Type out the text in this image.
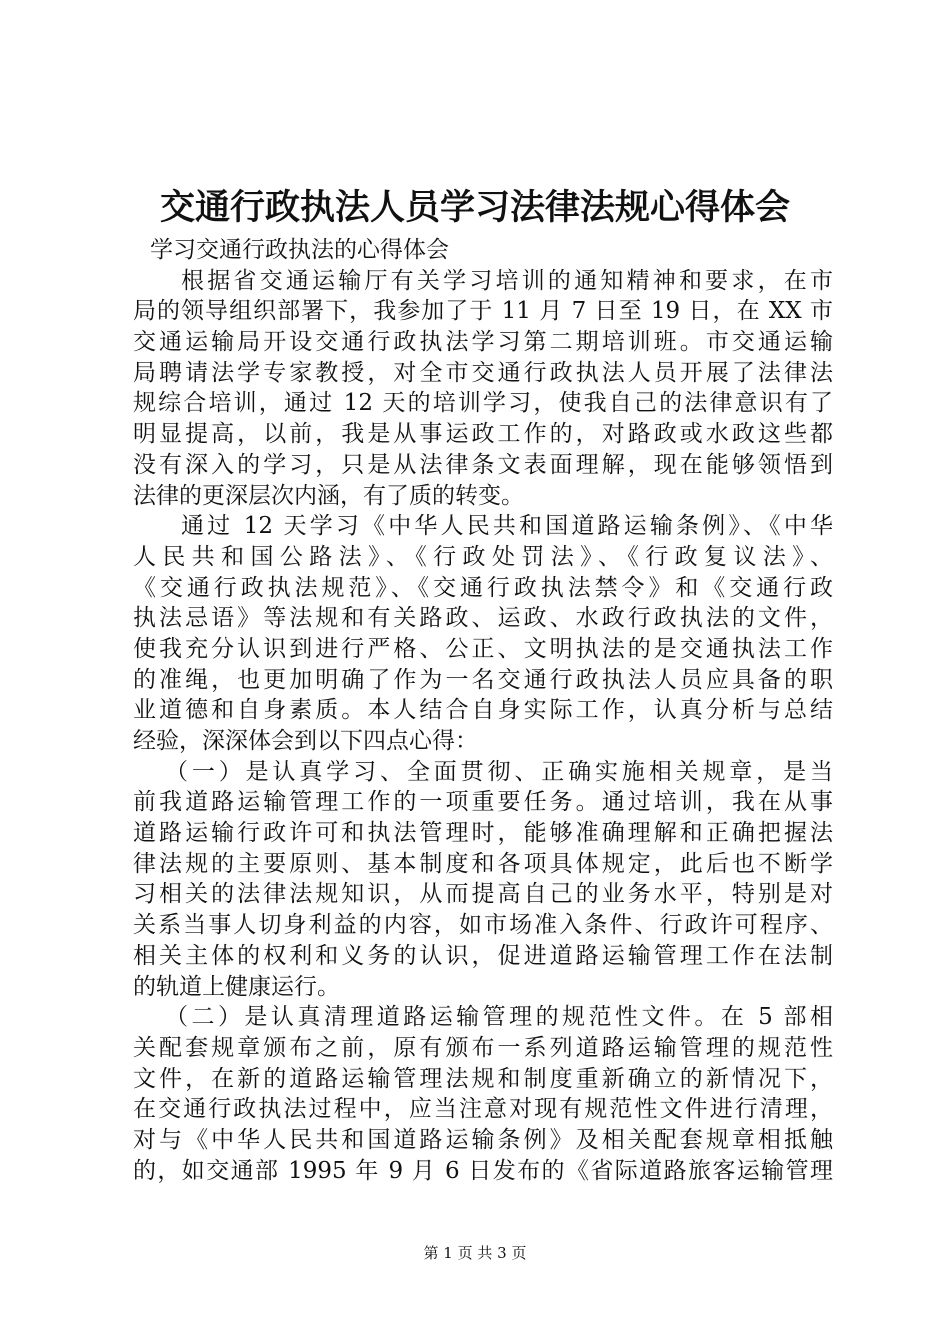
交通行政执法人员学习法律法规心得体会
学习交通行政执法的心得体会
根据省交通运输厅有关学习培训的通知精神和要求，在市
局的领导组织部署下，我参加了于 11 月 7 日至 19 日，在 XX 市
交通运输局开设交通行政执法学习第二期培训班。市交通运输
局聘请法学专家教授，对全市交通行政执法人员开展了法律法
规综合培训，通过 12 天的培训学习，使我自己的法律意识有了
明显提高，以前，我是从事运政工作的，对路政或水政这些都
没有深入的学习，只是从法律条文表面理解，现在能够领悟到
法律的更深层次内涵，有了质的转变。
通过 12 天学习《中华人民共和国道路运输条例》、《中华
人民共和国公路法》、《行政处罚法》、《行政复议法》、
《交通行政执法规范》、《交通行政执法禁令》和《交通行政
执法忌语》等法规和有关路政、运政、水政行政执法的文件，
使我充分认识到进行严格、公正、文明执法的是交通执法工作
的准绳，也更加明确了作为一名交通行政执法人员应具备的职
业道德和自身素质。本人结合自身实际工作，认真分析与总结
经验，深深体会到以下四点心得：
（一）是认真学习、全面贯彻、正确实施相关规章，是当
前我道路运输管理工作的一项重要任务。通过培训，我在从事
道路运输行政许可和执法管理时，能够准确理解和正确把握法
律法规的主要原则、基本制度和各项具体规定，此后也不断学
习相关的法律法规知识，从而提高自己的业务水平，特别是对
关系当事人切身利益的内容，如市场准入条件、行政许可程序、
相关主体的权利和义务的认识，促进道路运输管理工作在法制
的轨道上健康运行。
（二）是认真清理道路运输管理的规范性文件。在 5 部相
关配套规章颁布之前，原有颁布一系列道路运输管理的规范性
文件，在新的道路运输管理法规和制度重新确立的新情况下，
在交通行政执法过程中，应当注意对现有规范性文件进行清理，
对与《中华人民共和国道路运输条例》及相关配套规章相抵触
的，如交通部 1995 年 9 月 6 日发布的《省际道路旅客运输管理
第 1 页 共 3 页
